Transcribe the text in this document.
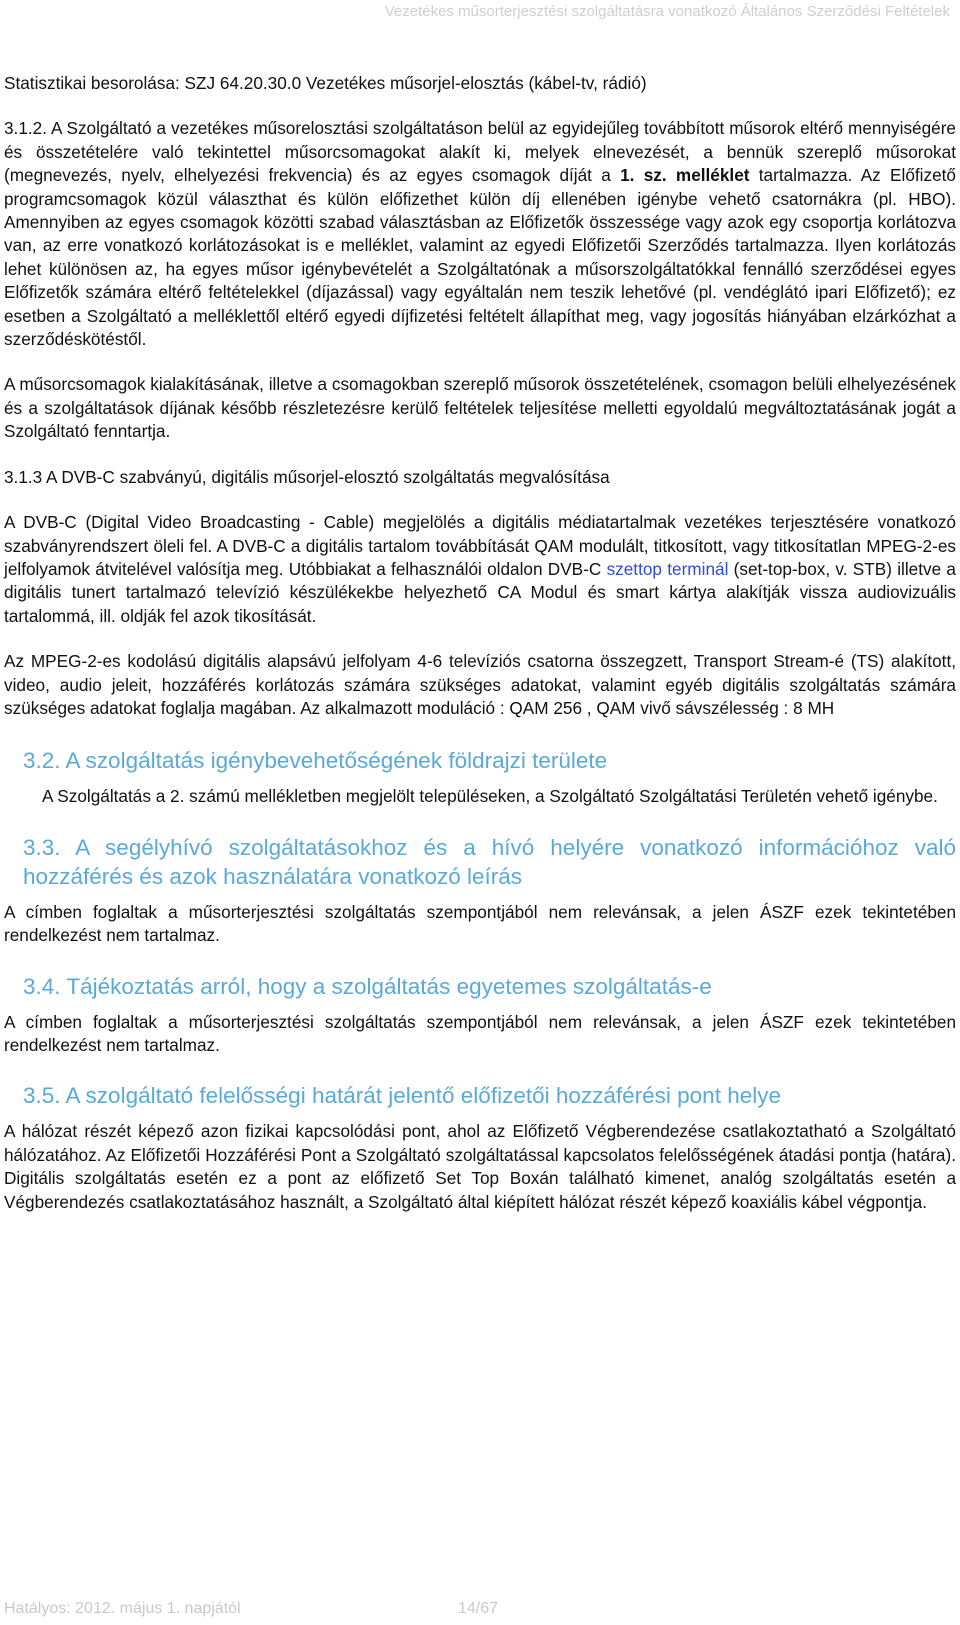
Vezetékes műsorterjesztési szolgáltatásra vonatkozó Általános Szerződési Feltételek

Statisztikai besorolása: SZJ 64.20.30.0 Vezetékes műsorjel-elosztás (kábel-tv, rádió)

3.1.2. A Szolgáltató a vezetékes műsorelosztási szolgáltatáson belül az egyidejűleg továbbított műsorok eltérő mennyiségére és összetételére való tekintettel műsorcsomagokat alakít ki, melyek elnevezését, a bennük szereplő műsorokat (megnevezés, nyelv, elhelyezési frekvencia) és az egyes csomagok díját a 1. sz. melléklet tartalmazza. Az Előfizető programcsomagok közül választhat és külön előfizethet külön díj ellenében igénybe vehető csatornákra (pl. HBO). Amennyiben az egyes csomagok közötti szabad választásban az Előfizetők összessége vagy azok egy csoportja korlátozva van, az erre vonatkozó korlátozásokat is e melléklet, valamint az egyedi Előfizetői Szerződés tartalmazza. Ilyen korlátozás lehet különösen az, ha egyes műsor igénybevételét a Szolgáltatónak a műsorszolgáltatókkal fennálló szerződései egyes Előfizetők számára eltérő feltételekkel (díjazással) vagy egyáltalán nem teszik lehetővé (pl. vendéglátó ipari Előfizető); ez esetben a Szolgáltató a melléklettől eltérő egyedi díjfizetési feltételt állapíthat meg, vagy jogosítás hiányában elzárkózhat a szerződéskötéstől.

A műsorcsomagok kialakításának, illetve a csomagokban szereplő műsorok összetételének, csomagon belüli elhelyezésének és a szolgáltatások díjának később részletezésre kerülő feltételek teljesítése melletti egyoldalú megváltoztatásának jogát a Szolgáltató fenntartja.

3.1.3 A DVB-C szabványú, digitális műsorjel-elosztó szolgáltatás megvalósítása

A DVB-C (Digital Video Broadcasting - Cable) megjelölés a digitális médiatartalmak vezetékes terjesztésére vonatkozó szabványrendszert öleli fel. A DVB-C a digitális tartalom továbbítását QAM modulált, titkosított, vagy titkosítatlan MPEG-2-es jelfolyamok átvitelével valósítja meg. Utóbbiakat a felhasználói oldalon DVB-C szettop terminál (set-top-box, v. STB) illetve a digitális tunert tartalmazó televízió készülékekbe helyezhető CA Modul és smart kártya alakítják vissza audiovizuális tartalommá, ill. oldják fel azok tikosítását.

Az MPEG-2-es kodolású digitális alapsávú jelfolyam 4-6 televíziós csatorna összegzett, Transport Stream-é (TS) alakított, video, audio jeleit, hozzáférés korlátozás számára szükséges adatokat, valamint egyéb digitális szolgáltatás számára szükséges adatokat foglalja magában. Az alkalmazott moduláció : QAM 256 , QAM vivő sávszélesség : 8 MH

3.2. A szolgáltatás igénybevehetőségének földrajzi területe

A Szolgáltatás a 2. számú mellékletben megjelölt településeken, a Szolgáltató Szolgáltatási Területén vehető igénybe.

3.3. A segélyhívó szolgáltatásokhoz és a hívó helyére vonatkozó információhoz való hozzáférés és azok használatára vonatkozó leírás

A címben foglaltak a műsorterjesztési szolgáltatás szempontjából nem relevánsak, a jelen ÁSZF ezek tekintetében rendelkezést nem tartalmaz.

3.4. Tájékoztatás arról, hogy a szolgáltatás egyetemes szolgáltatás-e

A címben foglaltak a műsorterjesztési szolgáltatás szempontjából nem relevánsak, a jelen ÁSZF ezek tekintetében rendelkezést nem tartalmaz.

3.5. A szolgáltató felelősségi határát jelentő előfizetői hozzáférési pont helye

A hálózat részét képező azon fizikai kapcsolódási pont, ahol az Előfizető Végberendezése csatlakoztatható a Szolgáltató hálózatához. Az Előfizetői Hozzáférési Pont a Szolgáltató szolgáltatással kapcsolatos felelősségének átadási pontja (határa). Digitális szolgáltatás esetén ez a pont az előfizető Set Top Boxán található kimenet, analóg szolgáltatás esetén a Végberendezés csatlakoztatásához használt, a Szolgáltató által kiépített hálózat részét képező koaxiális kábel végpontja.

Hatályos: 2012. május 1. napjától	14/67
